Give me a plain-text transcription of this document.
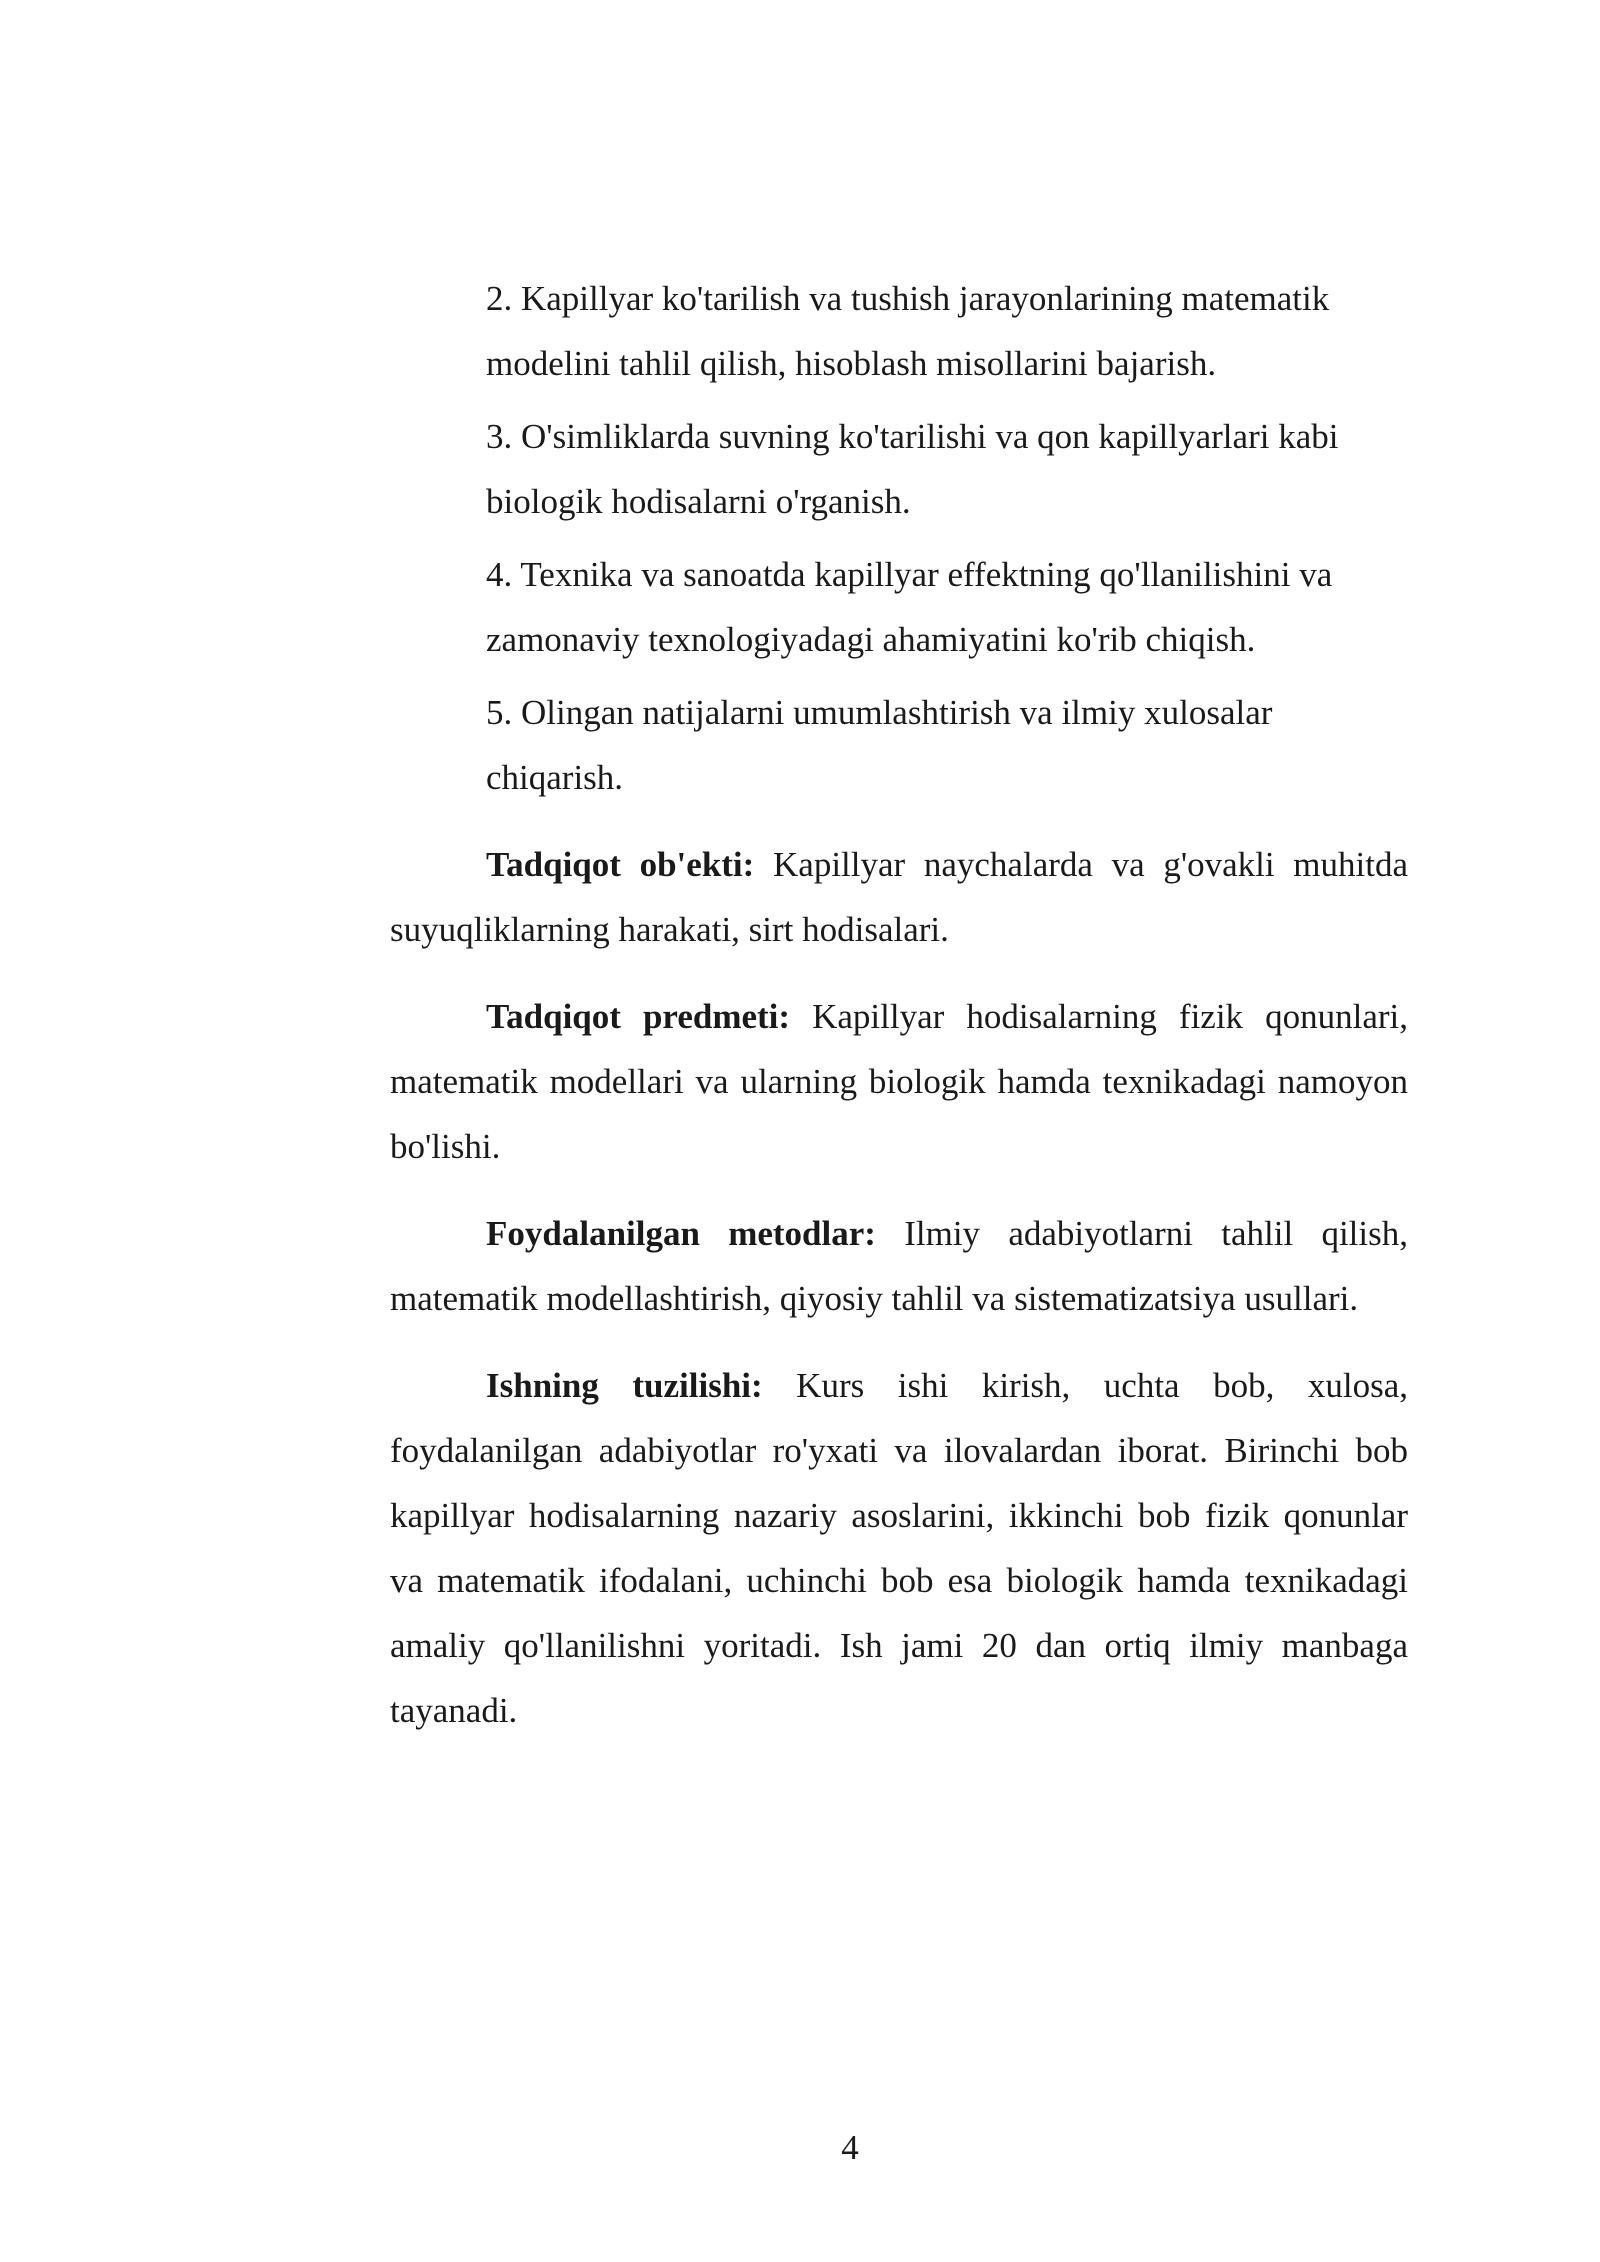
2. Kapillyar ko'tarilish va tushish jarayonlarining matematik modelini tahlil qilish, hisoblash misollarini bajarish.

3. O'simliklarda suvning ko'tarilishi va qon kapillyarlari kabi biologik hodisalarni o'rganish.

4. Texnika va sanoatda kapillyar effektning qo'llanilishini va zamonaviy texnologiyadagi ahamiyatini ko'rib chiqish.

5. Olingan natijalarni umumlashtirish va ilmiy xulosalar chiqarish.

Tadqiqot ob'ekti: Kapillyar naychalarda va g'ovakli muhitda suyuqliklarning harakati, sirt hodisalari.

Tadqiqot predmeti: Kapillyar hodisalarning fizik qonunlari, matematik modellari va ularning biologik hamda texnikadagi namoyon bo'lishi.

Foydalanilgan metodlar: Ilmiy adabiyotlarni tahlil qilish, matematik modellashtirish, qiyosiy tahlil va sistematizatsiya usullari.

Ishning tuzilishi: Kurs ishi kirish, uchta bob, xulosa, foydalanilgan adabiyotlar ro'yxati va ilovalardan iborat. Birinchi bob kapillyar hodisalarning nazariy asoslarini, ikkinchi bob fizik qonunlar va matematik ifodalani, uchinchi bob esa biologik hamda texnikadagi amaliy qo'llanilishni yoritadi. Ish jami 20 dan ortiq ilmiy manbaga tayanadi.

4
